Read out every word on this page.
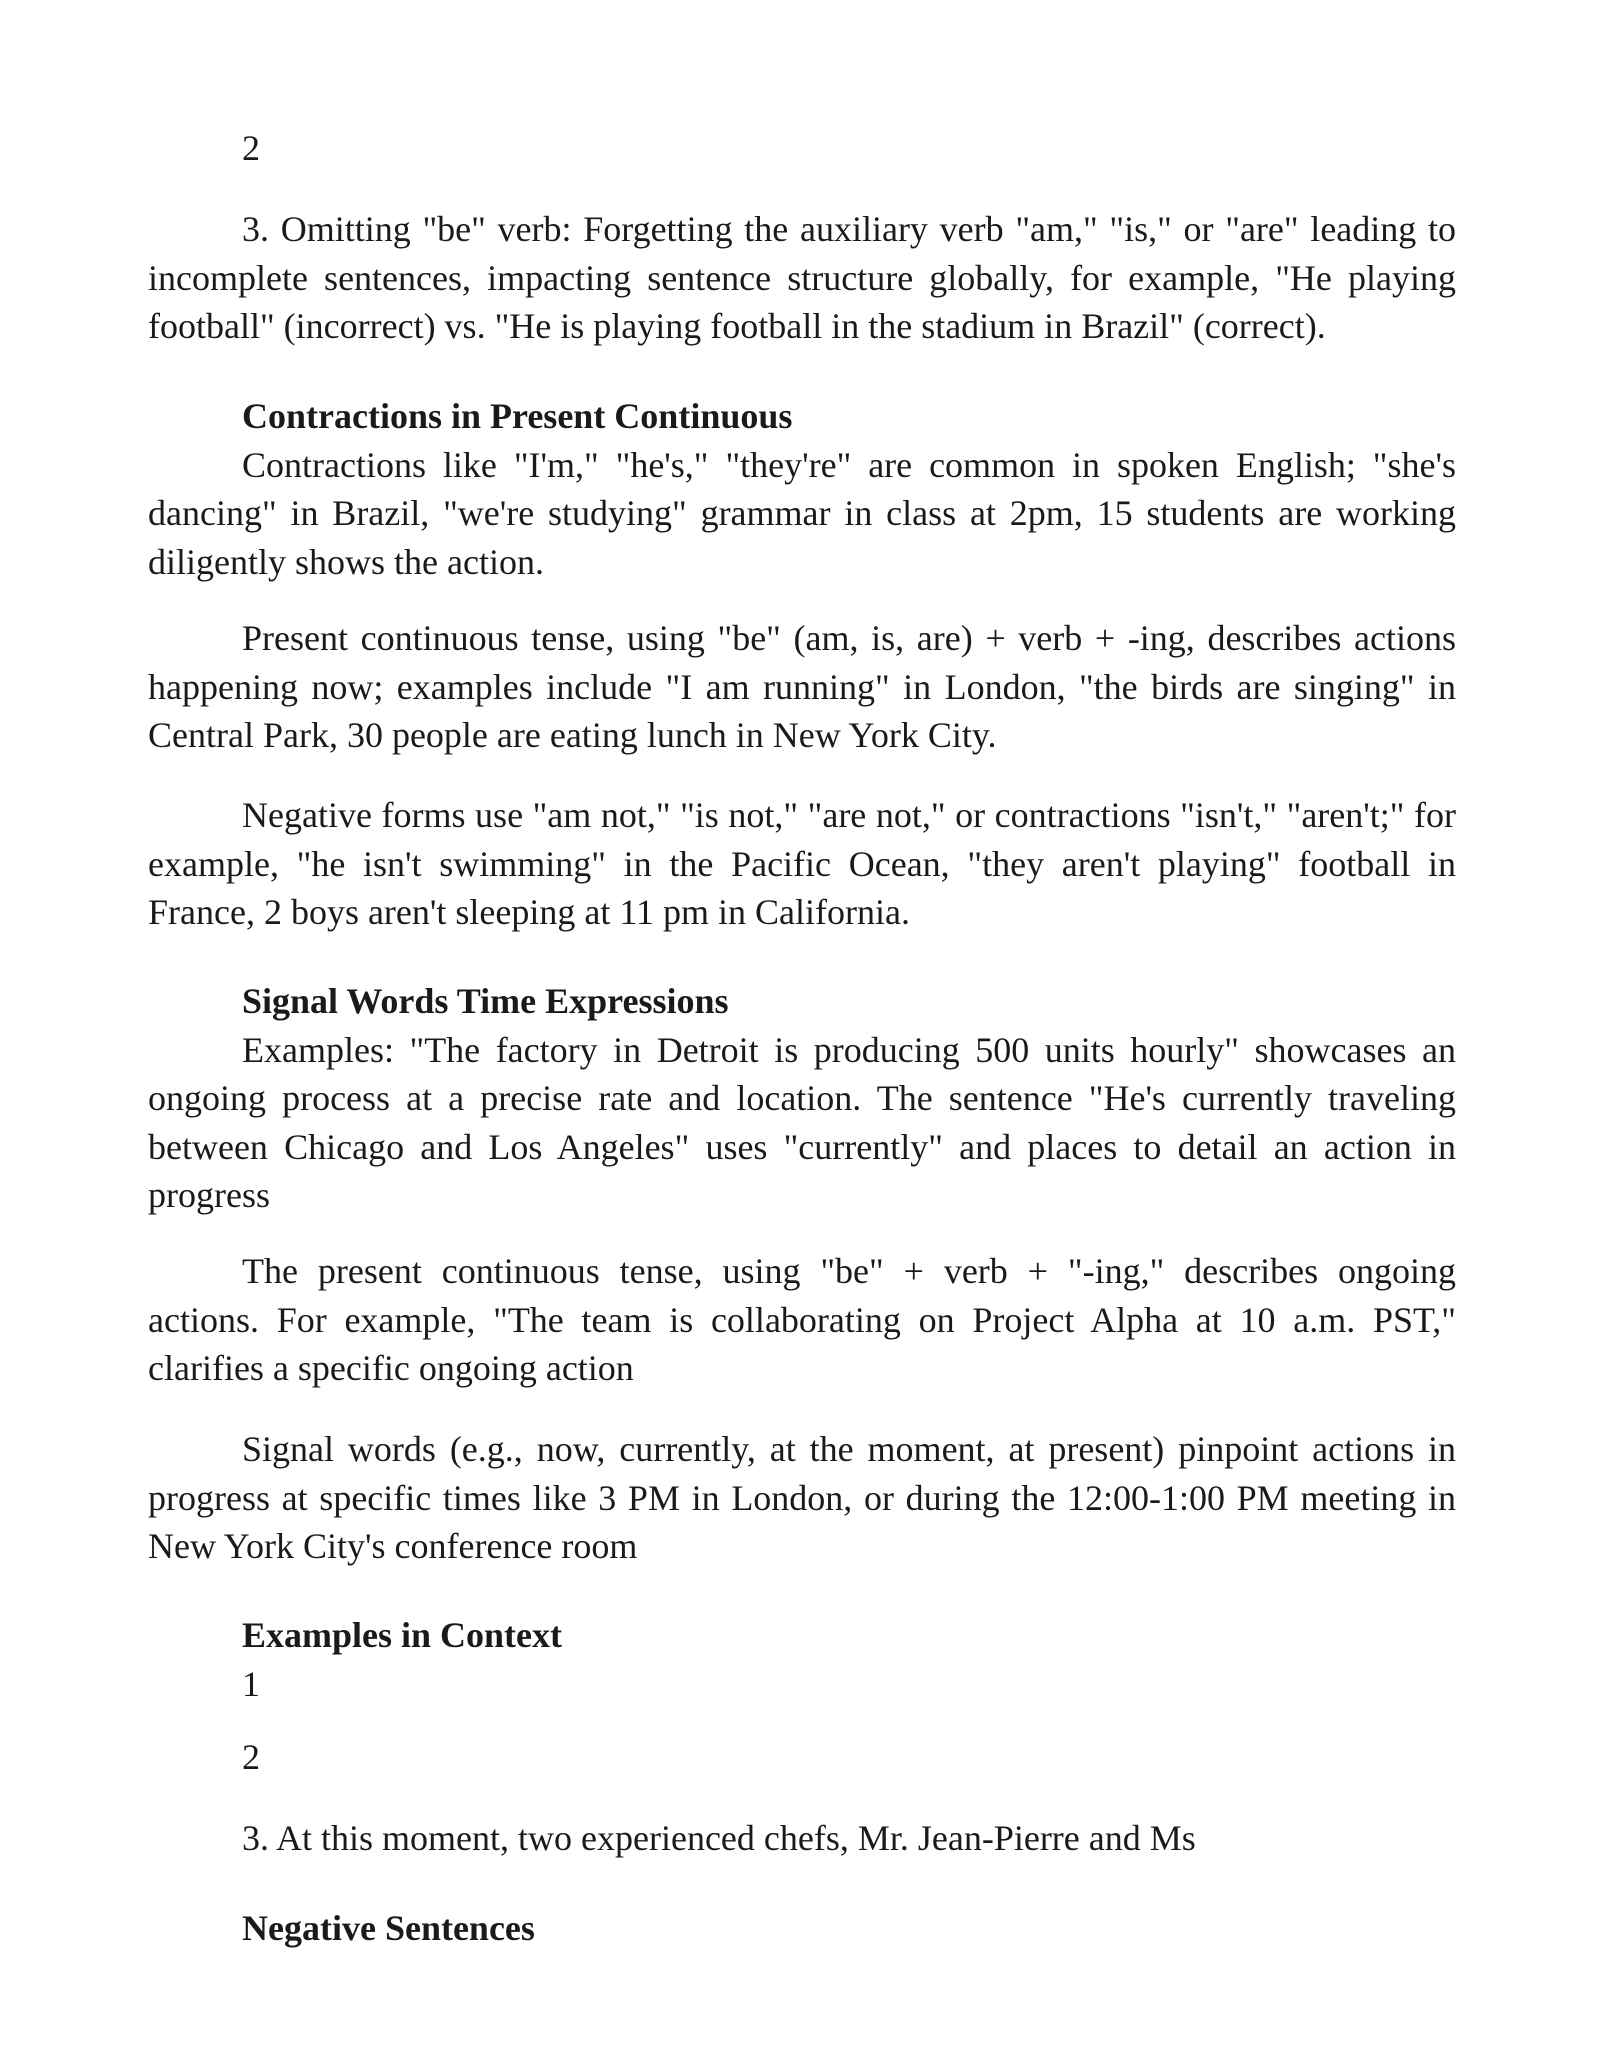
2
3. Omitting "be" verb: Forgetting the auxiliary verb "am," "is," or "are" leading to incomplete sentences, impacting sentence structure globally, for example, "He playing football" (incorrect) vs. "He is playing football in the stadium in Brazil" (correct).
Contractions in Present Continuous
Contractions like "I'm," "he's," "they're" are common in spoken English; "she's dancing" in Brazil, "we're studying" grammar in class at 2pm, 15 students are working diligently shows the action.
Present continuous tense, using "be" (am, is, are) + verb + -ing, describes actions happening now; examples include "I am running" in London, "the birds are singing" in Central Park, 30 people are eating lunch in New York City.
Negative forms use "am not," "is not," "are not," or contractions "isn't," "aren't;" for example, "he isn't swimming" in the Pacific Ocean, "they aren't playing" football in France, 2 boys aren't sleeping at 11 pm in California.
Signal Words Time Expressions
Examples: "The factory in Detroit is producing 500 units hourly" showcases an ongoing process at a precise rate and location. The sentence "He's currently traveling between Chicago and Los Angeles" uses "currently" and places to detail an action in progress
The present continuous tense, using "be" + verb + "-ing," describes ongoing actions. For example, "The team is collaborating on Project Alpha at 10 a.m. PST," clarifies a specific ongoing action
Signal words (e.g., now, currently, at the moment, at present) pinpoint actions in progress at specific times like 3 PM in London, or during the 12:00-1:00 PM meeting in New York City's conference room
Examples in Context
1
2
3. At this moment, two experienced chefs, Mr. Jean-Pierre and Ms
Negative Sentences
